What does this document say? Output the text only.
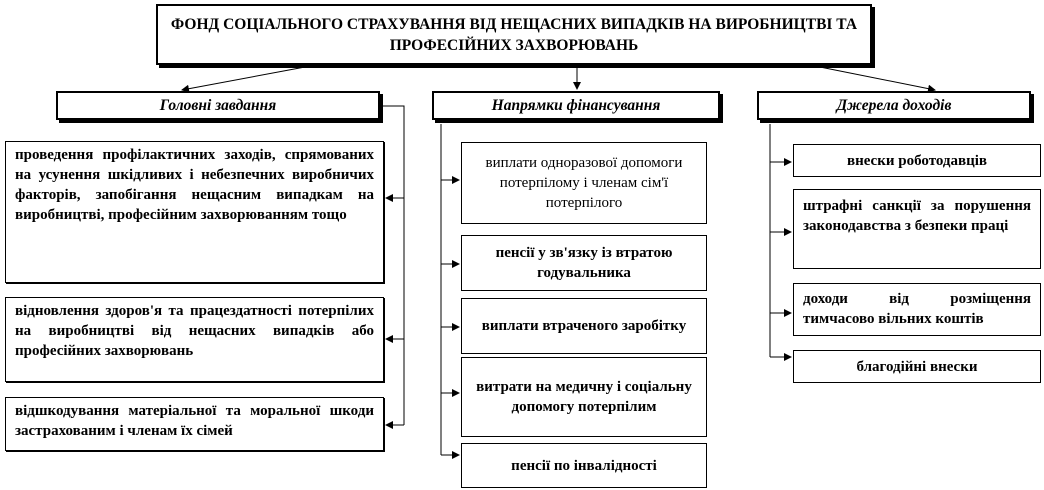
ФОНД СОЦІАЛЬНОГО СТРАХУВАННЯ ВІД НЕЩАСНИХ ВИПАДКІВ НА ВИРОБНИЦТВІ ТА ПРОФЕСІЙНИХ ЗАХВОРЮВАНЬ
Головні завдання	Напрямки фінансування	Джерела доходів
проведення профілактичних заходів, спрямованих на усунення шкідливих і небезпечних виробничих факторів, запобігання нещасним випадкам на виробництві, професійним захворюванням тощо
відновлення здоров'я та працездатності потерпілих на виробництві від нещасних випадків або професійних захворювань
відшкодування матеріальної та моральної шкоди застрахованим і членам їх сімей
виплати одноразової допомоги потерпілому і членам сім'ї потерпілого
пенсії у зв'язку із втратою годувальника
виплати втраченого заробітку
витрати на медичну і соціальну допомогу потерпілим
пенсії по інвалідності
внески роботодавців
штрафні санкції за порушення законодавства з безпеки праці
доходи від розміщення тимчасово вільних коштів
благодійні внески
